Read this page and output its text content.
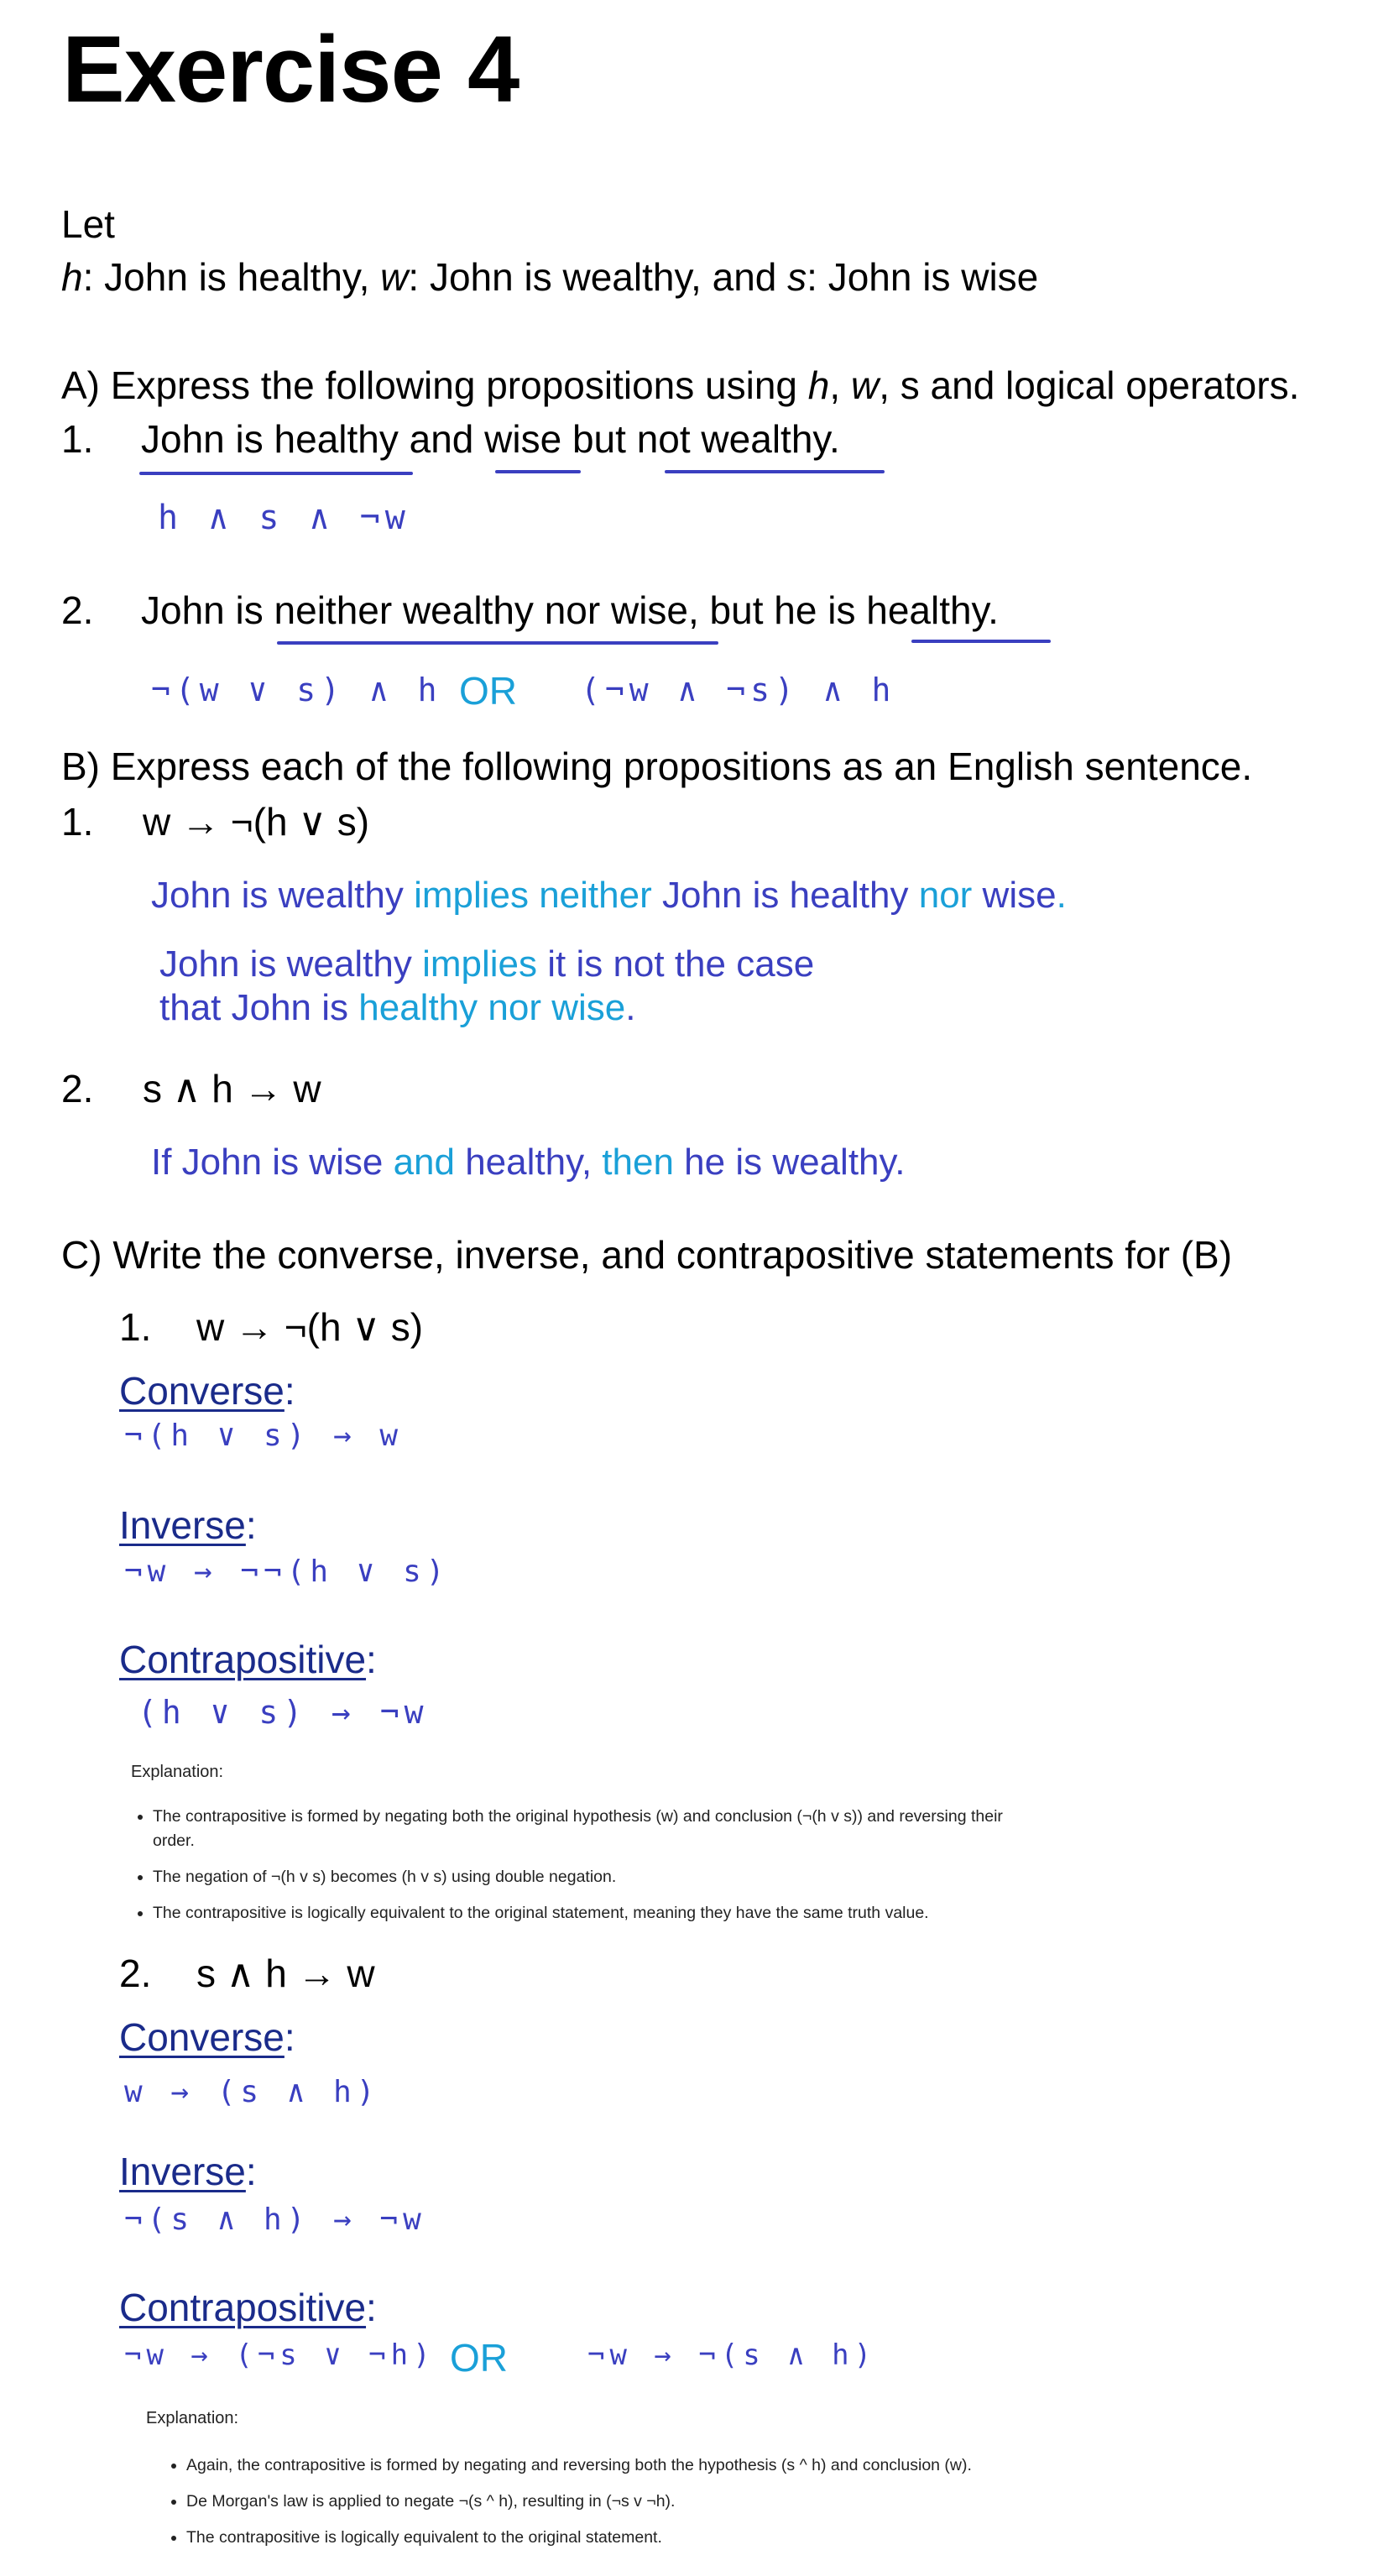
Exercise 4
Let
h: John is healthy, w: John is wealthy, and s: John is wise
A) Express the following propositions using h, w, s and logical operators.
1. John is healthy and wise but not wealthy.
h ∧ s ∧ ¬w
2. John is neither wealthy nor wise, but he is healthy.
¬(w ∨ s) ∧ h OR (¬w ∧ ¬s) ∧ h
B) Express each of the following propositions as an English sentence.
1. w → ¬(h ∨ s)
John is wealthy implies neither John is healthy nor wise.
John is wealthy implies it is not the case
that John is healthy nor wise.
2. s ∧ h → w
If John is wise and healthy, then he is wealthy.
C) Write the converse, inverse, and contrapositive statements for (B)
1. w → ¬(h ∨ s)
Converse:
¬(h ∨ s) → w
Inverse:
¬w → ¬¬(h ∨ s)
Contrapositive:
(h ∨ s) → ¬w
Explanation:
• The contrapositive is formed by negating both the original hypothesis (w) and conclusion (¬(h v s)) and reversing their order.
• The negation of ¬(h v s) becomes (h v s) using double negation.
• The contrapositive is logically equivalent to the original statement, meaning they have the same truth value.
2. s ∧ h → w
Converse:
w → (s ∧ h)
Inverse:
¬(s ∧ h) → ¬w
Contrapositive:
¬w → (¬s ∨ ¬h) OR	¬w → ¬(s ∧ h)
Explanation:
• Again, the contrapositive is formed by negating and reversing both the hypothesis (s ^ h) and conclusion (w).
• De Morgan's law is applied to negate ¬(s ^ h), resulting in (¬s v ¬h).
• The contrapositive is logically equivalent to the original statement.
